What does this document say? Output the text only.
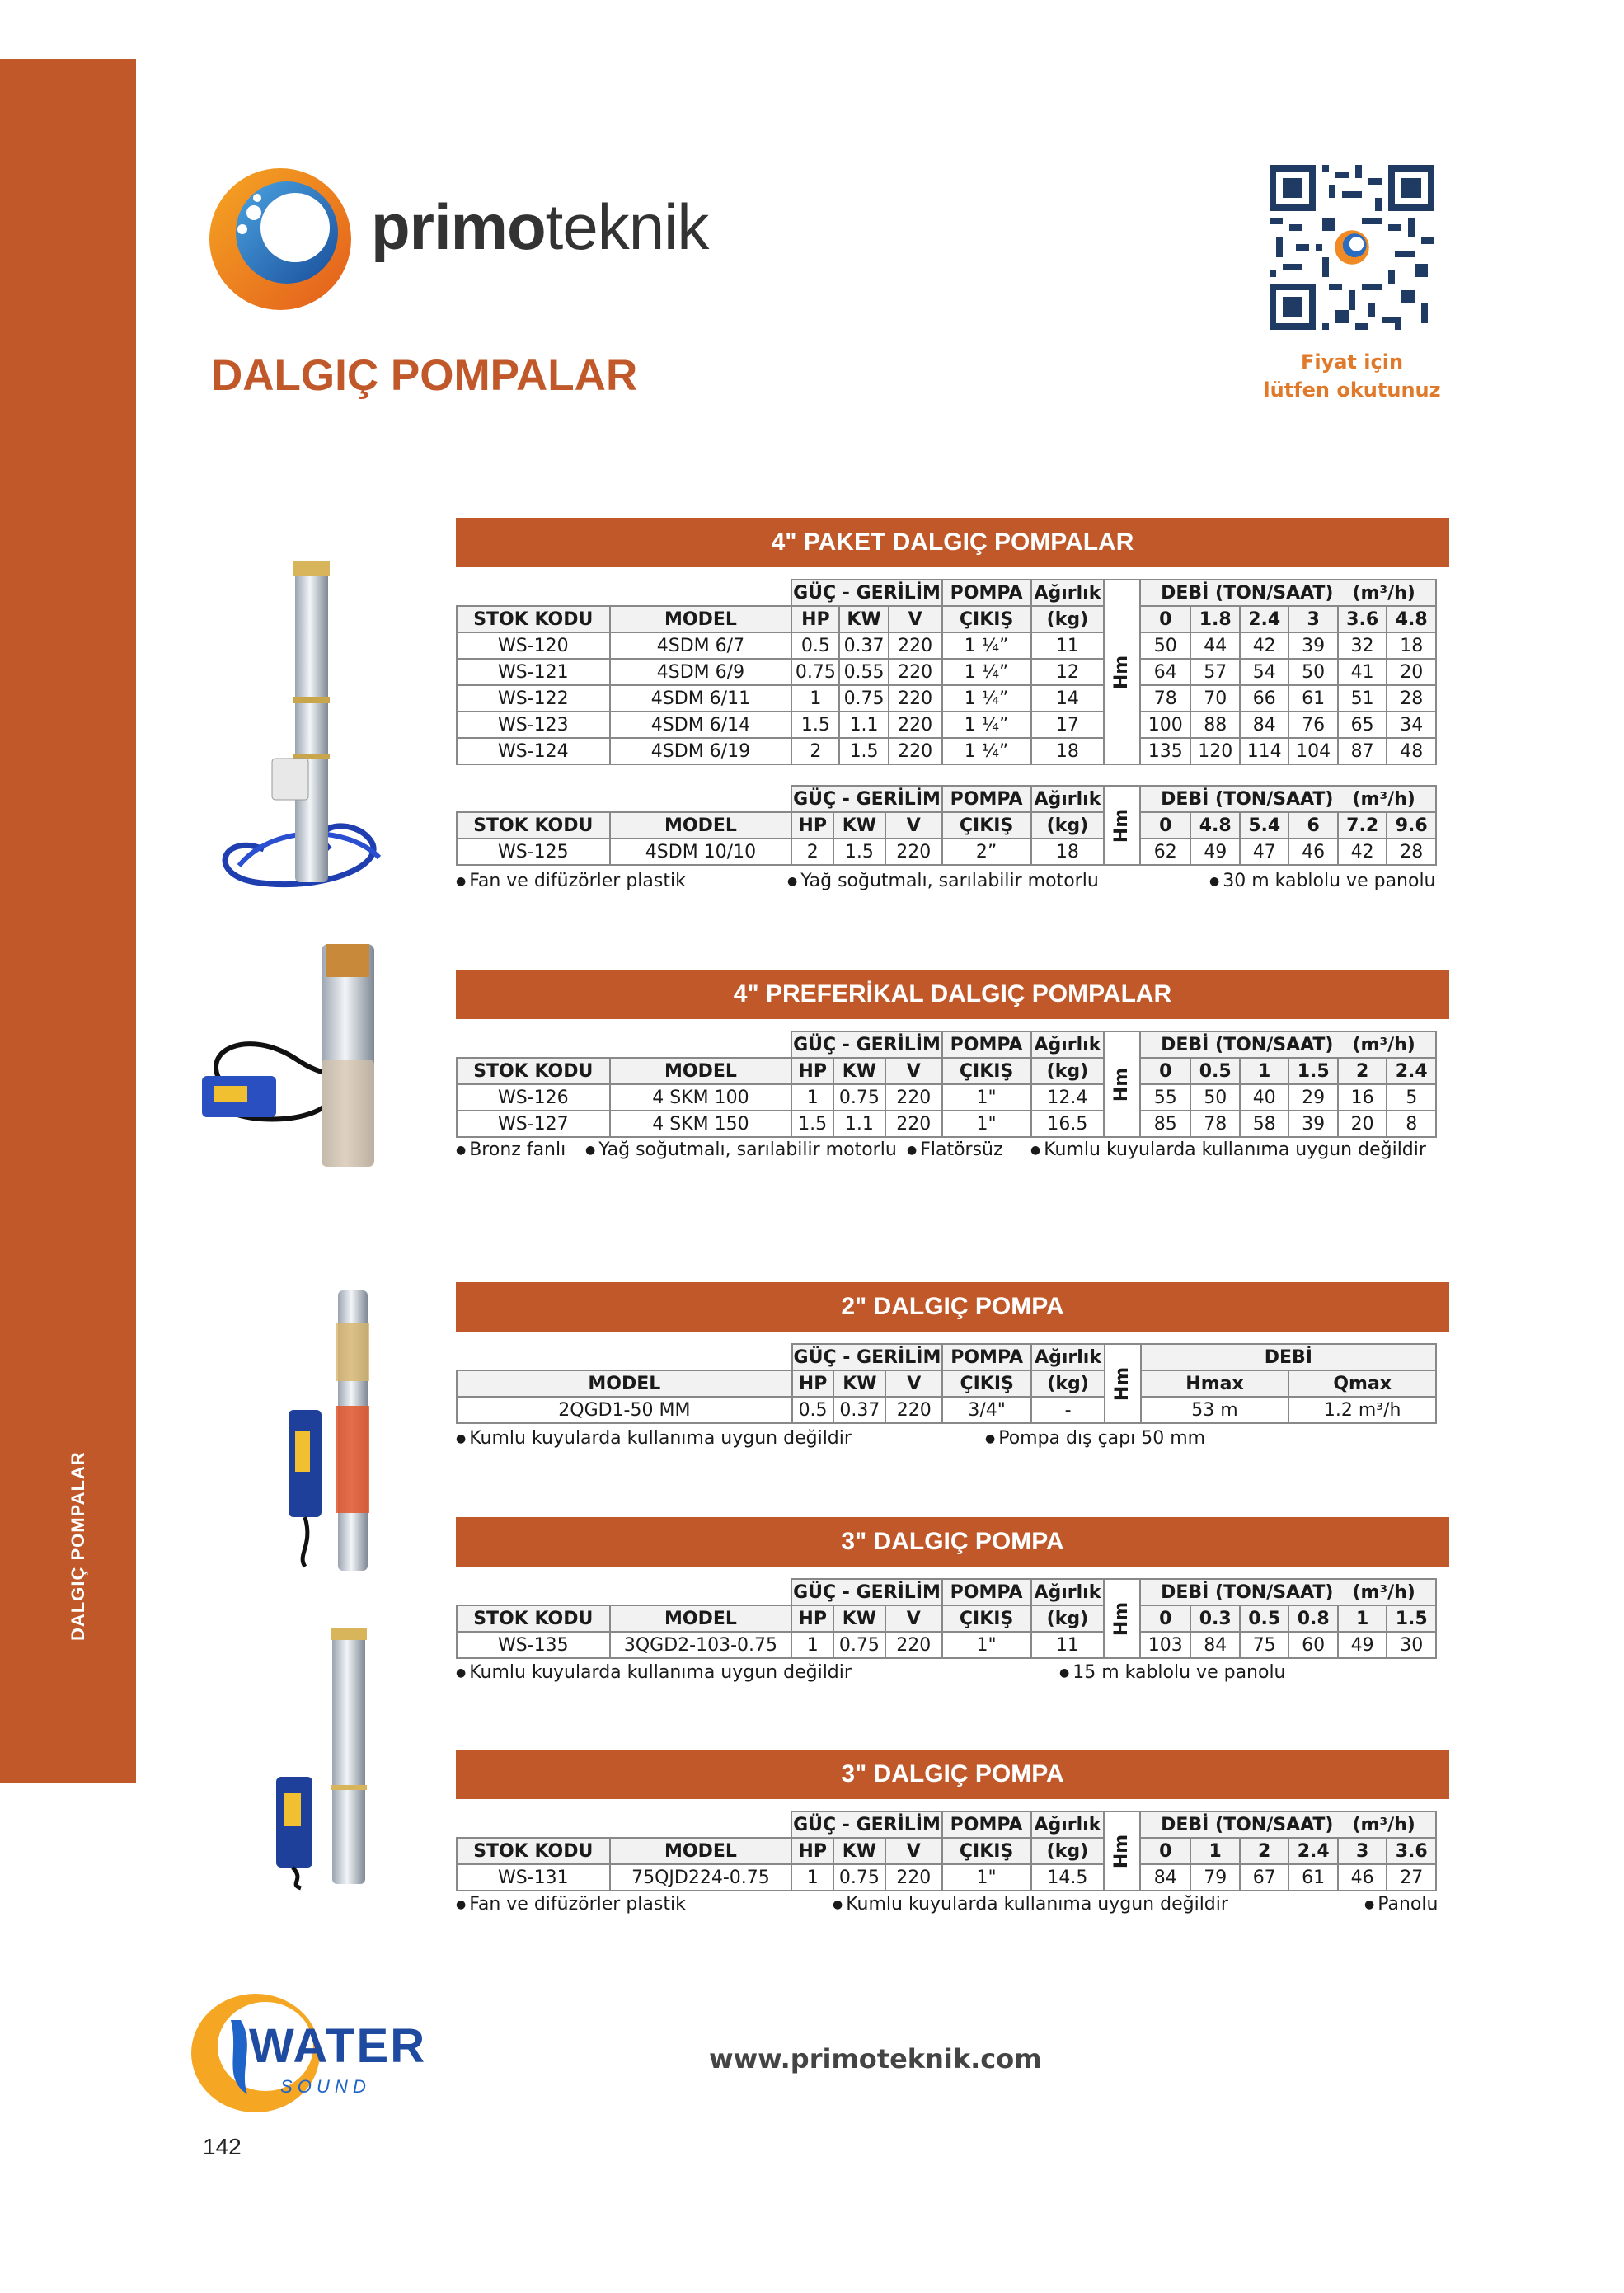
DALGIÇ POMPALAR
primoteknik
Fiyat için
lütfen okutunuz
DALGIÇ POMPALAR
4" PAKET DALGIÇ POMPALAR
		GÜÇ - GERİLİM			POMPA	Ağırlık	Hm	DEBİ (TON/SAAT) (m³/h)					
STOK KODU	MODEL	HP	KW	V	ÇIKIŞ	(kg)		0	1.8	2.4	3	3.6	4.8
WS-120	4SDM 6/7	0.5	0.37	220	1 ¼”	11		50	44	42	39	32	18
WS-121	4SDM 6/9	0.75	0.55	220	1 ¼”	12		64	57	54	50	41	20
WS-122	4SDM 6/11	1	0.75	220	1 ¼”	14		78	70	66	61	51	28
WS-123	4SDM 6/14	1.5	1.1	220	1 ¼”	17		100	88	84	76	65	34
WS-124	4SDM 6/19	2	1.5	220	1 ¼”	18		135	120	114	104	87	48
		GÜÇ - GERİLİM			POMPA	Ağırlık	Hm	DEBİ (TON/SAAT) (m³/h)					
STOK KODU	MODEL	HP	KW	V	ÇIKIŞ	(kg)		0	4.8	5.4	6	7.2	9.6
WS-125	4SDM 10/10	2	1.5	220	2”	18		62	49	47	46	42	28
● Fan ve difüzörler plastik	● Yağ soğutmalı, sarılabilir motorlu	● 30 m kablolu ve panolu
4" PREFERİKAL DALGIÇ POMPALAR
		GÜÇ - GERİLİM			POMPA	Ağırlık	Hm	DEBİ (TON/SAAT) (m³/h)					
STOK KODU	MODEL	HP	KW	V	ÇIKIŞ	(kg)		0	0.5	1	1.5	2	2.4
WS-126	4 SKM 100	1	0.75	220	1"	12.4		55	50	40	29	16	5
WS-127	4 SKM 150	1.5	1.1	220	1"	16.5		85	78	58	39	20	8
● Bronz fanlı	● Yağ soğutmalı, sarılabilir motorlu	● Flatörsüz	● Kumlu kuyularda kullanıma uygun değildir
2" DALGIÇ POMPA
	GÜÇ - GERİLİM			POMPA	Ağırlık	Hm	DEBİ	
MODEL	HP	KW	V	ÇIKIŞ	(kg)		Hmax	Qmax
2QGD1-50 MM	0.5	0.37	220	3/4"	-		53 m	1.2 m³/h
● Kumlu kuyularda kullanıma uygun değildir	● Pompa dış çapı 50 mm
3" DALGIÇ POMPA
		GÜÇ - GERİLİM			POMPA	Ağırlık	Hm	DEBİ (TON/SAAT) (m³/h)					
STOK KODU	MODEL	HP	KW	V	ÇIKIŞ	(kg)		0	0.3	0.5	0.8	1	1.5
WS-135	3QGD2-103-0.75	1	0.75	220	1"	11		103	84	75	60	49	30
● Kumlu kuyularda kullanıma uygun değildir	● 15 m kablolu ve panolu
3" DALGIÇ POMPA
		GÜÇ - GERİLİM			POMPA	Ağırlık	Hm	DEBİ (TON/SAAT) (m³/h)					
STOK KODU	MODEL	HP	KW	V	ÇIKIŞ	(kg)		0	1	2	2.4	3	3.6
WS-131	75QJD224-0.75	1	0.75	220	1"	14.5		84	79	67	61	46	27
● Fan ve difüzörler plastik	● Kumlu kuyularda kullanıma uygun değildir	● Panolu
WATER
S O U N D
www.primoteknik.com
142
